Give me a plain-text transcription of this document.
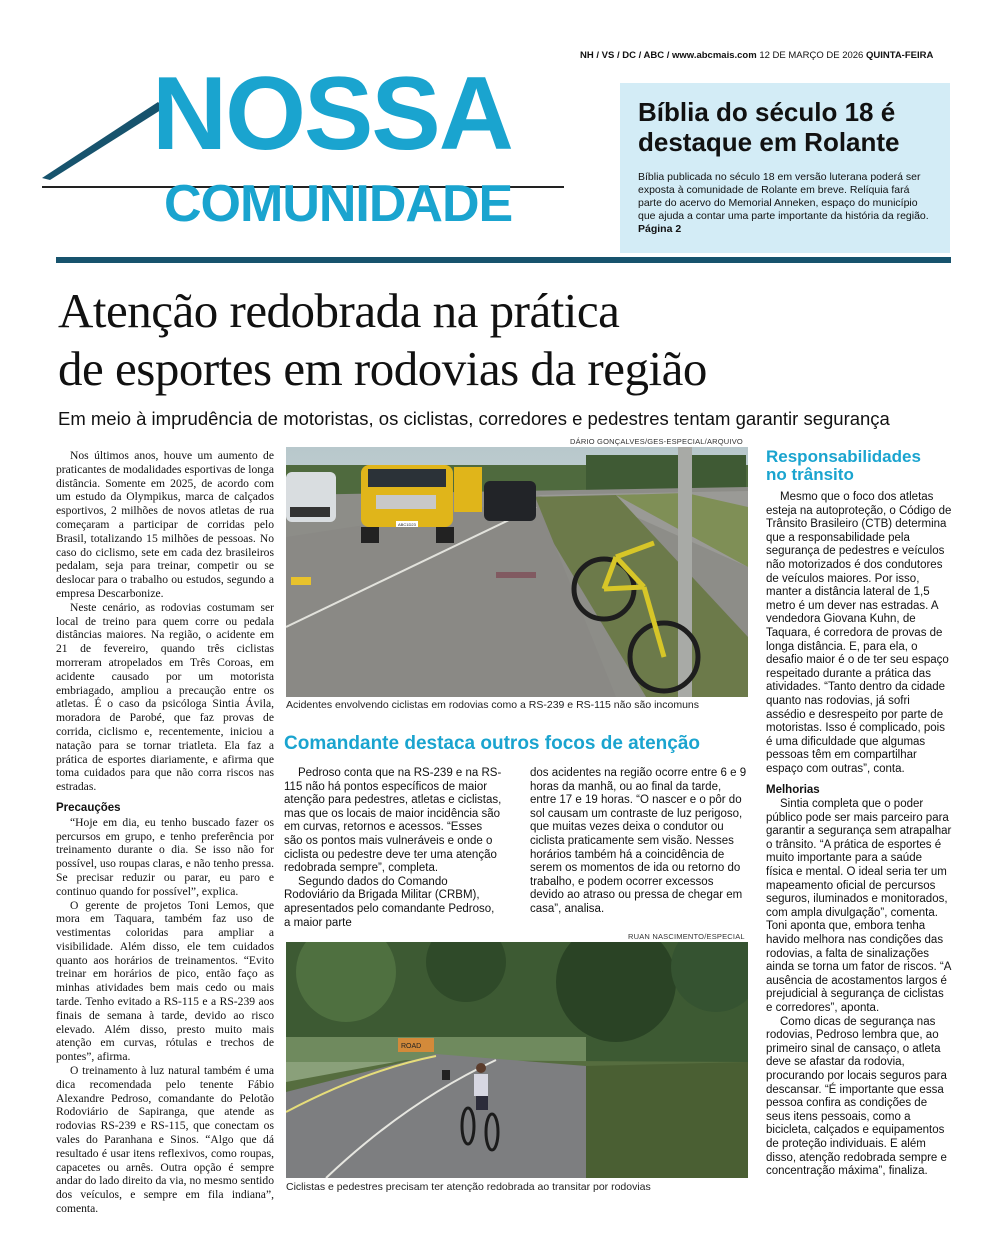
NH / VS / DC / ABC / www.abcmais.com 12 DE MARÇO DE 2026 QUINTA-FEIRA
NOSSA
COMUNIDADE
Bíblia do século 18 é destaque em Rolante

Bíblia publicada no século 18 em versão luterana poderá ser exposta à comunidade de Rolante em breve. Relíquia fará parte do acervo do Memorial Anneken, espaço do município que ajuda a contar uma parte importante da história da região. Página 2

Atenção redobrada na prática
de esportes em rodovias da região
Em meio à imprudência de motoristas, os ciclistas, corredores e pedestres tentam garantir segurança

Nos últimos anos, houve um aumento de praticantes de modalidades esportivas de longa distância. Somente em 2025, de acordo com um estudo da Olympikus, marca de calçados esportivos, 2 milhões de novos atletas de rua começaram a participar de corridas pelo Brasil, totalizando 15 milhões de pessoas. No caso do ciclismo, sete em cada dez brasileiros pedalam, seja para treinar, competir ou se deslocar para o trabalho ou estudos, segundo a empresa Descarbonize.

Neste cenário, as rodovias costumam ser local de treino para quem corre ou pedala distâncias maiores. Na região, o acidente em 21 de fevereiro, quando três ciclistas morreram atropelados em Três Coroas, em acidente causado por um motorista embriagado, ampliou a precaução entre os atletas. É o caso da psicóloga Sintia Ávila, moradora de Parobé, que faz provas de corrida, ciclismo e, recentemente, iniciou a natação para se tornar triatleta. Ela faz a prática de esportes diariamente, e afirma que toma cuidados para que não corra riscos nas estradas.

Precauções

“Hoje em dia, eu tenho buscado fazer os percursos em grupo, e tenho preferência por treinamento durante o dia. Se isso não for possível, uso roupas claras, e não tenho pressa. Se precisar reduzir ou parar, eu paro e continuo quando for possível”, explica.

O gerente de projetos Toni Lemos, que mora em Taquara, também faz uso de vestimentas coloridas para ampliar a visibilidade. Além disso, ele tem cuidados quanto aos horários de treinamentos. “Evito treinar em horários de pico, então faço as minhas atividades bem mais cedo ou mais tarde. Tenho evitado a RS-115 e a RS-239 aos finais de semana à tarde, devido ao risco elevado. Além disso, presto muito mais atenção em curvas, rótulas e trechos de pontes”, afirma.

O treinamento à luz natural também é uma dica recomendada pelo tenente Fábio Alexandre Pedroso, comandante do Pelotão Rodoviário de Sapiranga, que atende as rodovias RS-239 e RS-115, que conectam os vales do Paranhana e Sinos. “Algo que dá resultado é usar itens reflexivos, como roupas, capacetes ou arnês. Outra opção é sempre andar do lado direito da via, no mesmo sentido dos veículos, e sempre em fila indiana”, comenta.

DÁRIO GONÇALVES/GES-ESPECIAL/ARQUIVO
ABC1D23
Acidentes envolvendo ciclistas em rodovias como a RS-239 e RS-115 não são incomuns
Comandante destaca outros focos de atenção

Pedroso conta que na RS-239 e na RS-115 não há pontos específicos de maior atenção para pedestres, atletas e ciclistas, mas que os locais de maior incidência são em curvas, retornos e acessos. “Esses são os pontos mais vulneráveis e onde o ciclista ou pedestre deve ter uma atenção redobrada sempre”, completa.

Segundo dados do Comando Rodoviário da Brigada Militar (CRBM), apresentados pelo comandante Pedroso, a maior parte

dos acidentes na região ocorre entre 6 e 9 horas da manhã, ou ao final da tarde, entre 17 e 19 horas. “O nascer e o pôr do sol causam um contraste de luz perigoso, que muitas vezes deixa o condutor ou ciclista praticamente sem visão. Nesses horários também há a coincidência de serem os momentos de ida ou retorno do trabalho, e podem ocorrer excessos devido ao atraso ou pressa de chegar em casa”, analisa.

RUAN NASCIMENTO/ESPECIAL
ROAD
Ciclistas e pedestres precisam ter atenção redobrada ao transitar por rodovias
Responsabilidades
no trânsito

Mesmo que o foco dos atletas esteja na autoproteção, o Código de Trânsito Brasileiro (CTB) determina que a responsabilidade pela segurança de pedestres e veículos não motorizados é dos condutores de veículos maiores. Por isso, manter a distância lateral de 1,5 metro é um dever nas estradas. A vendedora Giovana Kuhn, de Taquara, é corredora de provas de longa distância. E, para ela, o desafio maior é o de ter seu espaço respeitado durante a prática das atividades. “Tanto dentro da cidade quanto nas rodovias, já sofri assédio e desrespeito por parte de motoristas. Isso é complicado, pois é uma dificuldade que algumas pessoas têm em compartilhar espaço com outras”, conta.

Melhorias

Sintia completa que o poder público pode ser mais parceiro para garantir a segurança sem atrapalhar o trânsito. “A prática de esportes é muito importante para a saúde física e mental. O ideal seria ter um mapeamento oficial de percursos seguros, iluminados e monitorados, com ampla divulgação”, comenta. Toni aponta que, embora tenha havido melhora nas condições das rodovias, a falta de sinalizações ainda se torna um fator de riscos. “A ausência de acostamentos largos é prejudicial à segurança de ciclistas e corredores”, aponta.

Como dicas de segurança nas rodovias, Pedroso lembra que, ao primeiro sinal de cansaço, o atleta deve se afastar da rodovia, procurando por locais seguros para descansar. “É importante que essa pessoa confira as condições de seus itens pessoais, como a bicicleta, calçados e equipamentos de proteção individuais. E além disso, atenção redobrada sempre e concentração máxima”, finaliza.
